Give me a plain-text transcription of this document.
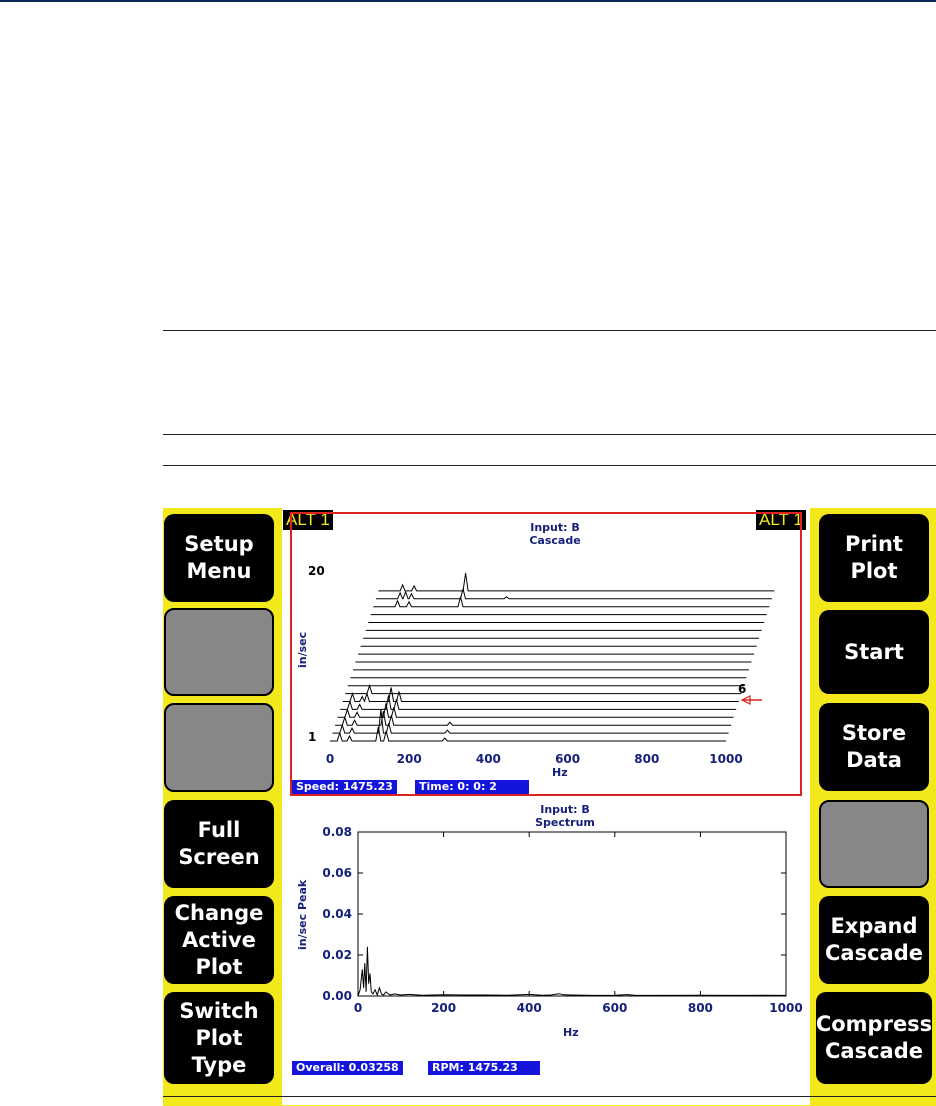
Setup
Menu
Full
Screen
Change
Active
Plot
Switch
Plot
Type
Print
Plot
Start
Store
Data
Expand
Cascade
Compress
Cascade
ALT 1	ALT 1
Input: B
Cascade
20
1
6
in/sec
0	200	400	600	800	1000
Hz
Speed: 1475.23	Time: 0: 0: 2
Input: B
Spectrum
0.00
0.02
0.04
0.06
0.08
0	200	400	600	800	1000
in/sec Peak
Hz
Overall: 0.03258	RPM: 1475.23
